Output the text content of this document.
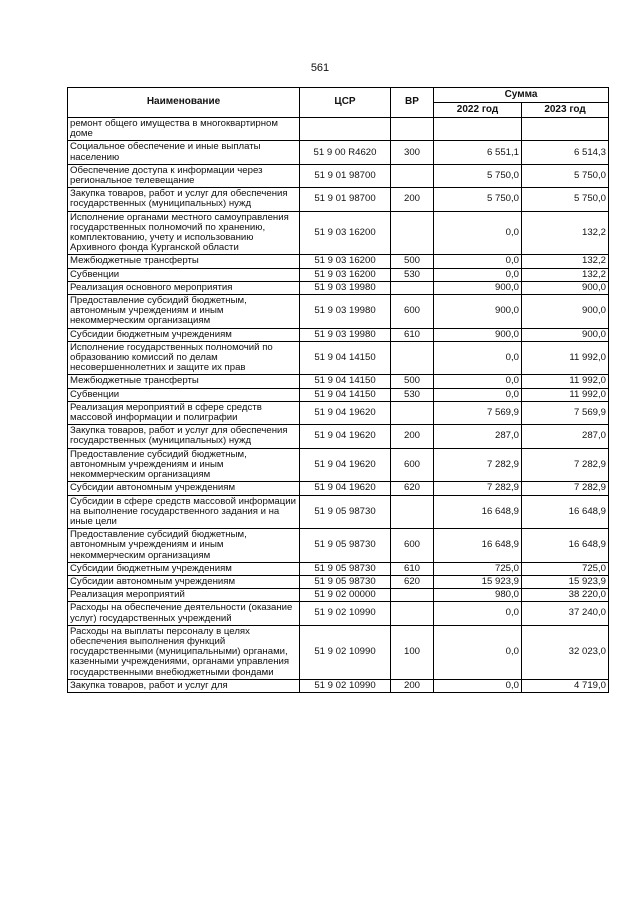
561
Наименование	ЦСР	ВР	Сумма	
			2022 год	2023 год
ремонт общего имущества в многоквартирном доме				
Социальное обеспечение и иные выплаты населению	51 9 00 R4620	300	6 551,1	6 514,3
Обеспечение доступа к информации через региональное телевещание	51 9 01 98700		5 750,0	5 750,0
Закупка товаров, работ и услуг для обеспечения государственных (муниципальных) нужд	51 9 01 98700	200	5 750,0	5 750,0
Исполнение органами местного самоуправления государственных полномочий по хранению, комплектованию, учету и использованию Архивного фонда Курганской области	51 9 03 16200		0,0	132,2
Межбюджетные трансферты	51 9 03 16200	500	0,0	132,2
Субвенции	51 9 03 16200	530	0,0	132,2
Реализация основного мероприятия	51 9 03 19980		900,0	900,0
Предоставление субсидий бюджетным, автономным учреждениям и иным некоммерческим организациям	51 9 03 19980	600	900,0	900,0
Субсидии бюджетным учреждениям	51 9 03 19980	610	900,0	900,0
Исполнение государственных полномочий по образованию комиссий по делам несовершеннолетних и защите их прав	51 9 04 14150		0,0	11 992,0
Межбюджетные трансферты	51 9 04 14150	500	0,0	11 992,0
Субвенции	51 9 04 14150	530	0,0	11 992,0
Реализация мероприятий в сфере средств массовой информации и полиграфии	51 9 04 19620		7 569,9	7 569,9
Закупка товаров, работ и услуг для обеспечения государственных (муниципальных) нужд	51 9 04 19620	200	287,0	287,0
Предоставление субсидий бюджетным, автономным учреждениям и иным некоммерческим организациям	51 9 04 19620	600	7 282,9	7 282,9
Субсидии автономным учреждениям	51 9 04 19620	620	7 282,9	7 282,9
Субсидии в сфере средств массовой информации на выполнение государственного задания и на иные цели	51 9 05 98730		16 648,9	16 648,9
Предоставление субсидий бюджетным, автономным учреждениям и иным некоммерческим организациям	51 9 05 98730	600	16 648,9	16 648,9
Субсидии бюджетным учреждениям	51 9 05 98730	610	725,0	725,0
Субсидии автономным учреждениям	51 9 05 98730	620	15 923,9	15 923,9
Реализация мероприятий	51 9 02 00000		980,0	38 220,0
Расходы на обеспечение деятельности (оказание услуг) государственных учреждений	51 9 02 10990		0,0	37 240,0
Расходы на выплаты персоналу в целях обеспечения выполнения функций государственными (муниципальными) органами, казенными учреждениями, органами управления государственными внебюджетными фондами	51 9 02 10990	100	0,0	32 023,0
Закупка товаров, работ и услуг для	51 9 02 10990	200	0,0	4 719,0
